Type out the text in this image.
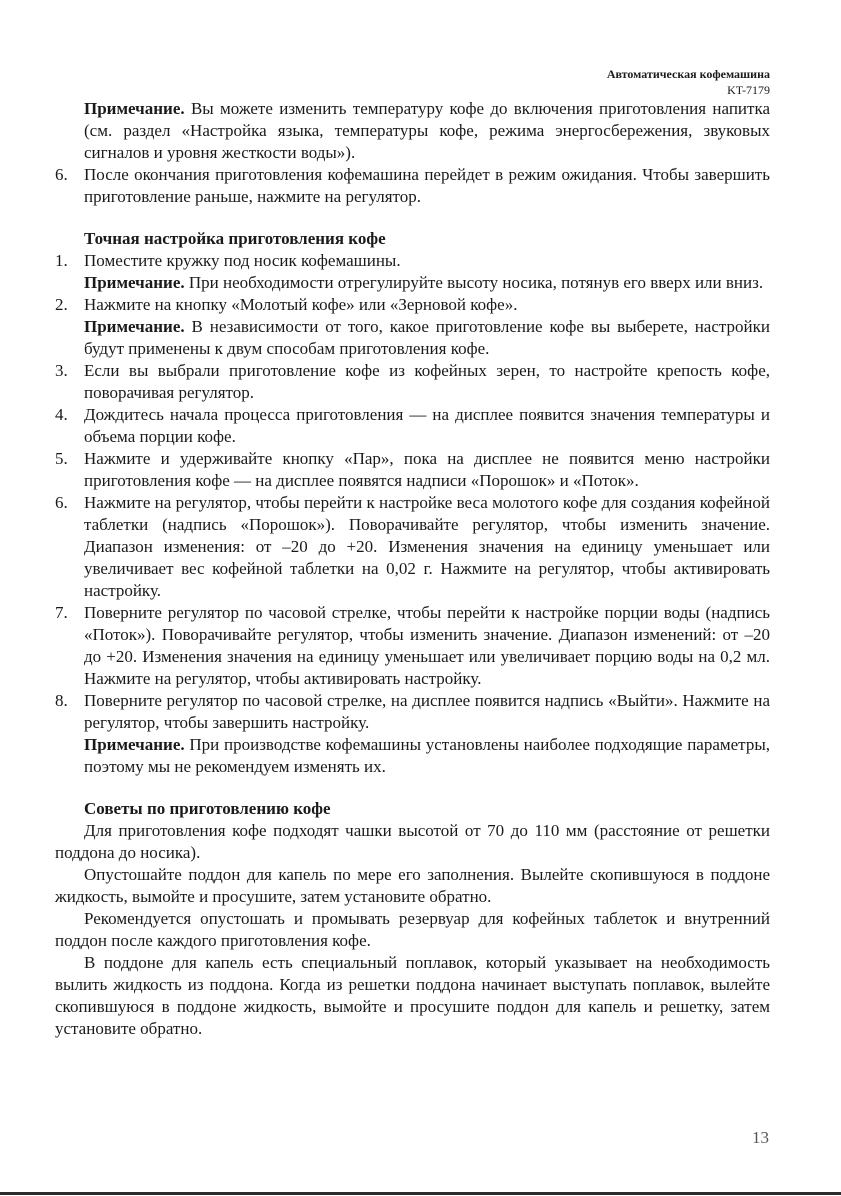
Автоматическая кофемашина
KT-7179
Примечание. Вы можете изменить температуру кофе до включения приготовления напитка (см. раздел «Настройка языка, температуры кофе, режима энергосбережения, звуковых сигналов и уровня жесткости воды»).
6. После окончания приготовления кофемашина перейдет в режим ожидания. Чтобы завершить приготовление раньше, нажмите на регулятор.
Точная настройка приготовления кофе
1. Поместите кружку под носик кофемашины.
Примечание. При необходимости отрегулируйте высоту носика, потянув его вверх или вниз.
2. Нажмите на кнопку «Молотый кофе» или «Зерновой кофе».
Примечание. В независимости от того, какое приготовление кофе вы выберете, настройки будут применены к двум способам приготовления кофе.
3. Если вы выбрали приготовление кофе из кофейных зерен, то настройте крепость кофе, поворачивая регулятор.
4. Дождитесь начала процесса приготовления — на дисплее появится значения температуры и объема порции кофе.
5. Нажмите и удерживайте кнопку «Пар», пока на дисплее не появится меню настройки приготовления кофе — на дисплее появятся надписи «Порошок» и «Поток».
6. Нажмите на регулятор, чтобы перейти к настройке веса молотого кофе для создания кофейной таблетки (надпись «Порошок»). Поворачивайте регулятор, чтобы изменить значение. Диапазон изменения: от –20 до +20. Изменения значения на единицу уменьшает или увеличивает вес кофейной таблетки на 0,02 г. Нажмите на регулятор, чтобы активировать настройку.
7. Поверните регулятор по часовой стрелке, чтобы перейти к настройке порции воды (надпись «Поток»). Поворачивайте регулятор, чтобы изменить значение. Диапазон изменений: от –20 до +20. Изменения значения на единицу уменьшает или увеличивает порцию воды на 0,2 мл. Нажмите на регулятор, чтобы активировать настройку.
8. Поверните регулятор по часовой стрелке, на дисплее появится надпись «Выйти». Нажмите на регулятор, чтобы завершить настройку.
Примечание. При производстве кофемашины установлены наиболее подходящие параметры, поэтому мы не рекомендуем изменять их.
Советы по приготовлению кофе
Для приготовления кофе подходят чашки высотой от 70 до 110 мм (расстояние от решетки поддона до носика).
Опустошайте поддон для капель по мере его заполнения. Вылейте скопившуюся в поддоне жидкость, вымойте и просушите, затем установите обратно.
Рекомендуется опустошать и промывать резервуар для кофейных таблеток и внутренний поддон после каждого приготовления кофе.
В поддоне для капель есть специальный поплавок, который указывает на необходимость вылить жидкость из поддона. Когда из решетки поддона начинает выступать поплавок, вылейте скопившуюся в поддоне жидкость, вымойте и просушите поддон для капель и решетку, затем установите обратно.
13
